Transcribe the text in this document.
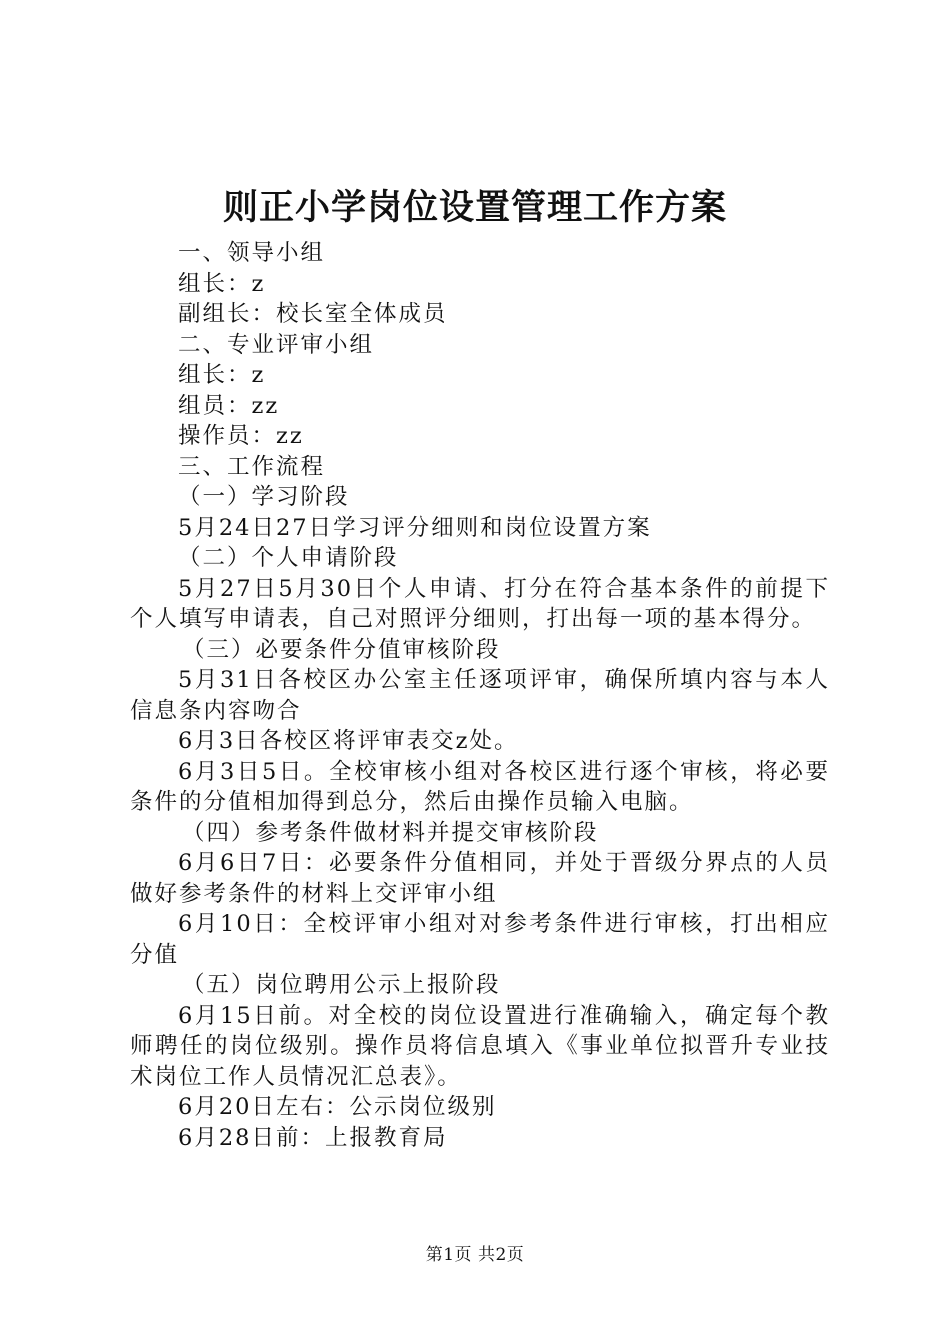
则正小学岗位设置管理工作方案

一、领导小组

组长：z

副组长：校长室全体成员

二、专业评审小组

组长：z

组员：zz

操作员：zz

三、工作流程

（一）学习阶段

5月24日27日学习评分细则和岗位设置方案

（二）个人申请阶段

5月27日5月30日个人申请、打分在符合基本条件的前提下个人填写申请表，自己对照评分细则，打出每一项的基本得分。

（三）必要条件分值审核阶段

5月31日各校区办公室主任逐项评审，确保所填内容与本人信息条内容吻合

6月3日各校区将评审表交z处。

6月3日5日。全校审核小组对各校区进行逐个审核，将必要条件的分值相加得到总分，然后由操作员输入电脑。

（四）参考条件做材料并提交审核阶段

6月6日7日：必要条件分值相同，并处于晋级分界点的人员做好参考条件的材料上交评审小组

6月10日：全校评审小组对对参考条件进行审核，打出相应分值

（五）岗位聘用公示上报阶段

6月15日前。对全校的岗位设置进行准确输入，确定每个教师聘任的岗位级别。操作员将信息填入《事业单位拟晋升专业技术岗位工作人员情况汇总表》。

6月20日左右：公示岗位级别

6月28日前：上报教育局

第1页 共2页
